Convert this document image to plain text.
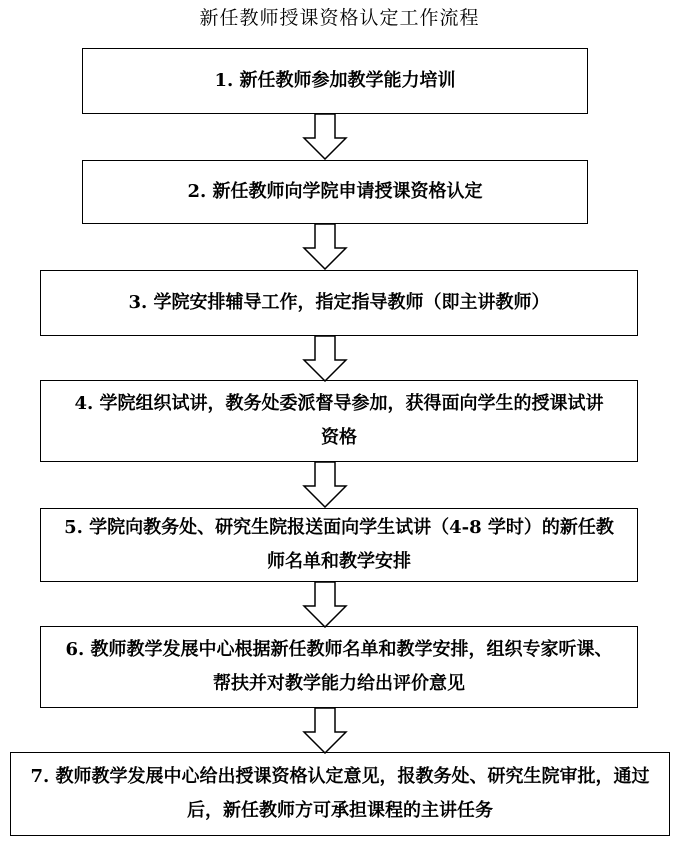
新任教师授课资格认定工作流程
1. 新任教师参加教学能力培训
2. 新任教师向学院申请授课资格认定
3. 学院安排辅导工作，指定指导教师（即主讲教师）
4. 学院组织试讲，教务处委派督导参加，获得面向学生的授课试讲资格
5. 学院向教务处、研究生院报送面向学生试讲（4-8 学时）的新任教师名单和教学安排
6. 教师教学发展中心根据新任教师名单和教学安排，组织专家听课、帮扶并对教学能力给出评价意见
7. 教师教学发展中心给出授课资格认定意见，报教务处、研究生院审批，通过后，新任教师方可承担课程的主讲任务
